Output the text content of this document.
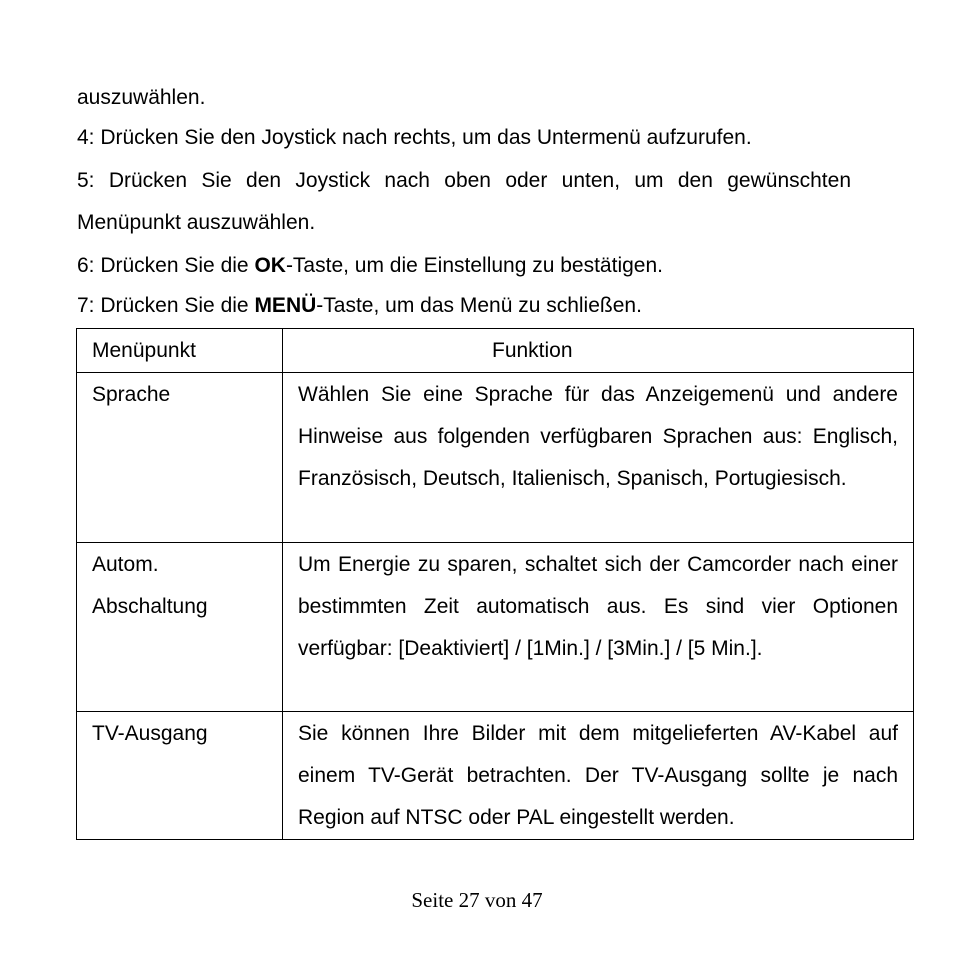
auszuwählen.

4: Drücken Sie den Joystick nach rechts, um das Untermenü aufzurufen.

5: Drücken Sie den Joystick nach oben oder unten, um den gewünschten Menüpunkt auszuwählen.

6: Drücken Sie die OK-Taste, um die Einstellung zu bestätigen.

7: Drücken Sie die MENÜ-Taste, um das Menü zu schließen.

Menüpunkt	Funktion

Sprache	Wählen Sie eine Sprache für das Anzeigemenü und andere Hinweise aus folgenden verfügbaren Sprachen aus: Englisch, Französisch, Deutsch, Italienisch, Spanisch, Portugiesisch.

Autom. Abschaltung	Um Energie zu sparen, schaltet sich der Camcorder nach einer bestimmten Zeit automatisch aus. Es sind vier Optionen verfügbar: [Deaktiviert] / [1Min.] / [3Min.] / [5 Min.].

TV-Ausgang	Sie können Ihre Bilder mit dem mitgelieferten AV-Kabel auf einem TV-Gerät betrachten. Der TV-Ausgang sollte je nach Region auf NTSC oder PAL eingestellt werden.
Seite 27 von 47
